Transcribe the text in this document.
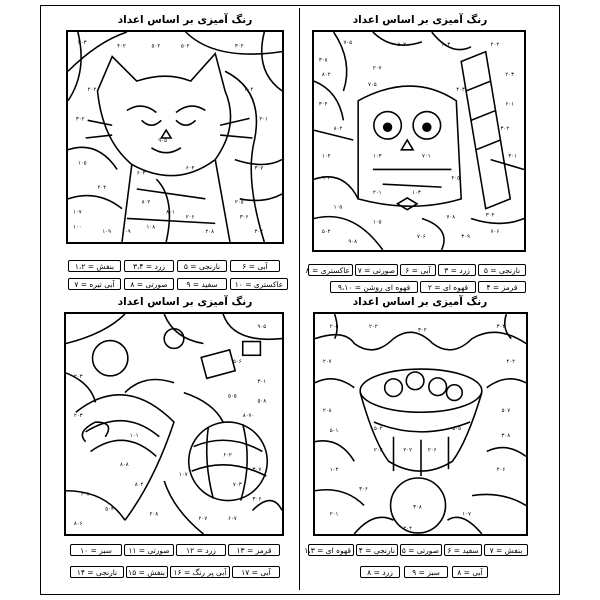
رنگ آمیزی بر اساس اعداد
۲۰۳
۴۰۲	۵۰۲	۵۰۲	۳۰۲
۲۰۴	۲۰۴
۳۰۲	۲۰۱
۹۰۵
۶۰۴
۶۰۳
۱۰۵
۳۰۷
۲۰۴
۱۰۷
۸۰۲
۱۰۸
۲۰۶
۱۰۹
۳۰۶
۲۰۵
۸۰۱
۲۰۸
۱۰۰
۱۰۹	۳۰۴
آبی = ۶
نارنجی = ۵
زرد = ۳،۴
بنفش = ۱،۲
عاکستری = ۱۰
سفید = ۹
صورتی = ۸
آبی تیره = ۷
رنگ آمیزی بر اساس اعداد
۷۰۵	۵۰۲	۶۰۳	۴۰۲
۳۰۸
۸۰۲	۲۰۳
۲۰۷
۷۰۵
۴۰۳
۳۰۴	۶۰۱
۳۰۲
۸۰۲
۱۰۴	۱۰۳	۷۰۱	۳۰۱
۴۰۵
۹۰۲
۲۰۱	۱۰۳
۱۰۵
۳۰۴
۱۰۵
۵۰۴
۹۰۸
۷۰۶	۳۰۹
۷۰۶
۷۰۸
نارنجی = ۵
زرد = ۳
آبی = ۶
صورتی = ۷
عاکستری = ۸
قرمز = ۴
قهوه ای = ۲
قهوه ای روشن = ۹،۱۰
رنگ آمیزی بر اساس اعداد
رنگ آمیزی بر اساس اعداد
۹۰۵
۵۰۶
۳۰۱
۲۰۳
۵۰۸
۵۰۵
۸۰۷۰
۲۰۳
۱۰۱
۸۰۸
۸۰۴
۶۰۲
۳۰۷
۷۰۳
۱۰۷
۳۰۶
۶۰۸
۵۰۳
۲۰۸
۲۰۷	۶۰۷
۸۰۶
قرمز = ۱۳
زرد = ۱۲
صورتی = ۱۱
سبز = ۱۰
آبی = ۱۷
آبی پر رنگ = ۱۶
بنفش = ۱۵
نارنجی = ۱۴
۲۰۵	۲۰۲
۳۰۲
۳۰۳
۴۰۲
۲۰۷
۲۰۸	۵۰۷
۵۰۱
۳۰۸
۵۰۲	۵۰۵
۲۰۲	۲۰۶
۲۰۲
۱۰۴	۲۰۶
۳۰۶
۳۰۸
۲۰۱	۱۰۷
۲۰۴
بنفش = ۷
سفید = ۶
صورتی = ۵
نارنجی = ۴
قهوه ای = ۱،۳
آبی = ۸
سبز = ۹
زرد = ۸
